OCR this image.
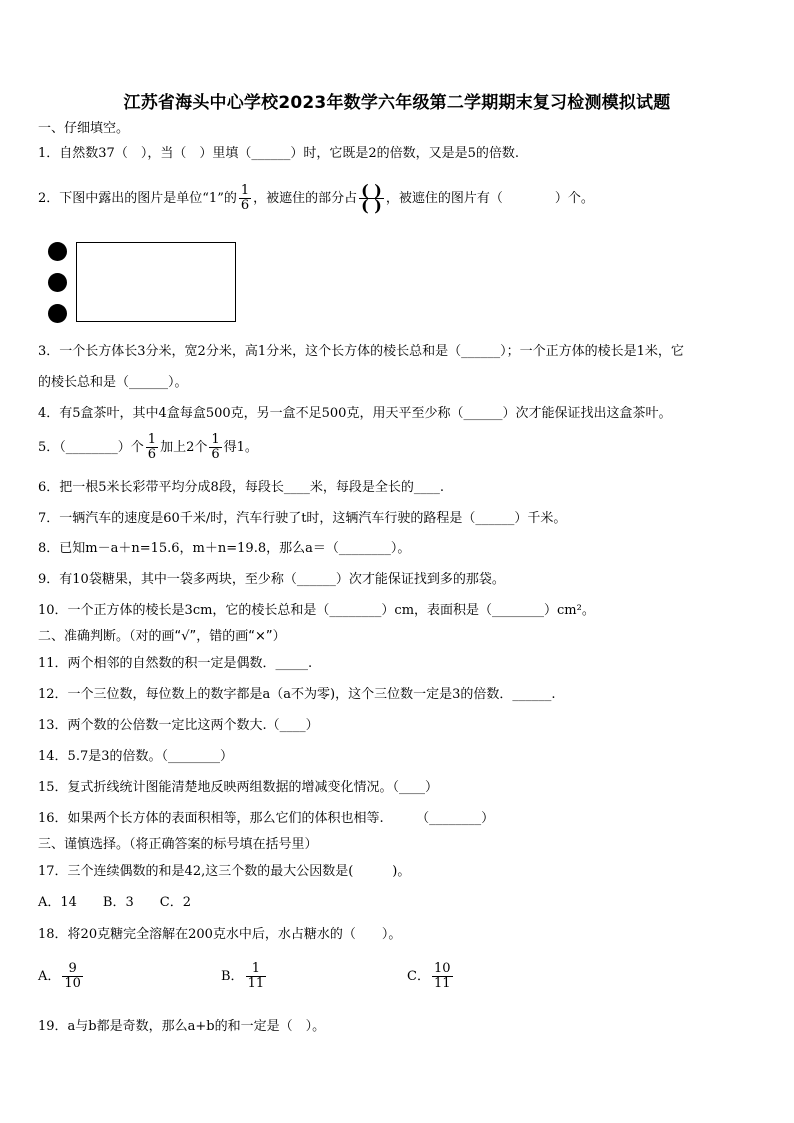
江苏省海头中心学校2023年数学六年级第二学期期末复习检测模拟试题
一、仔细填空。
1．自然数37（　），当（　）里填（______）时，它既是2的倍数，又是是5的倍数.
2．下图中露出的图片是单位“1”的 $\frac{1}{6}$ ，被遮住的部分占 $\frac{( )}{( )}$ ，被遮住的图片有（　　　　）个。
3．一个长方体长3分米，宽2分米，高1分米，这个长方体的棱长总和是（______）；一个正方体的棱长是1米，它
的棱长总和是（______）。
4．有5盒茶叶，其中4盒每盒500克，另一盒不足500克，用天平至少称（______）次才能保证找出这盒茶叶。
5．（________）个 $\frac{1}{6}$ 加上2个 $\frac{1}{6}$ 得1。
6．把一根5米长彩带平均分成8段，每段长____米，每段是全长的____.
7．一辆汽车的速度是60千米/时，汽车行驶了t时，这辆汽车行驶的路程是（______）千米。
8．已知m－a＋n=15.6，m＋n=19.8，那么a＝（________）。
9．有10袋糖果，其中一袋多两块，至少称（______）次才能保证找到多的那袋。
10．一个正方体的棱长是3cm，它的棱长总和是（________）cm，表面积是（________）cm²。
二、准确判断。（对的画“√”，错的画“×”）
11．两个相邻的自然数的积一定是偶数．_____.
12．一个三位数，每位数上的数字都是a（a不为零)，这个三位数一定是3的倍数．______.
13．两个数的公倍数一定比这两个数大.（____）
14．5.7是3的倍数。（________）
15．复式折线统计图能清楚地反映两组数据的增减变化情况。（____）
16．如果两个长方体的表面积相等，那么它们的体积也相等.　　　（________）
三、谨慎选择。（将正确答案的标号填在括号里）
17．三个连续偶数的和是42,这三个数的最大公因数是(　　　)。
A．14　　B．3　　C．2
18．将20克糖完全溶解在200克水中后，水占糖水的（　　）。
A． $\frac{9}{10}$	B． $\frac{1}{11}$	C． $\frac{10}{11}$
19．a与b都是奇数，那么a+b的和一定是（　）。
